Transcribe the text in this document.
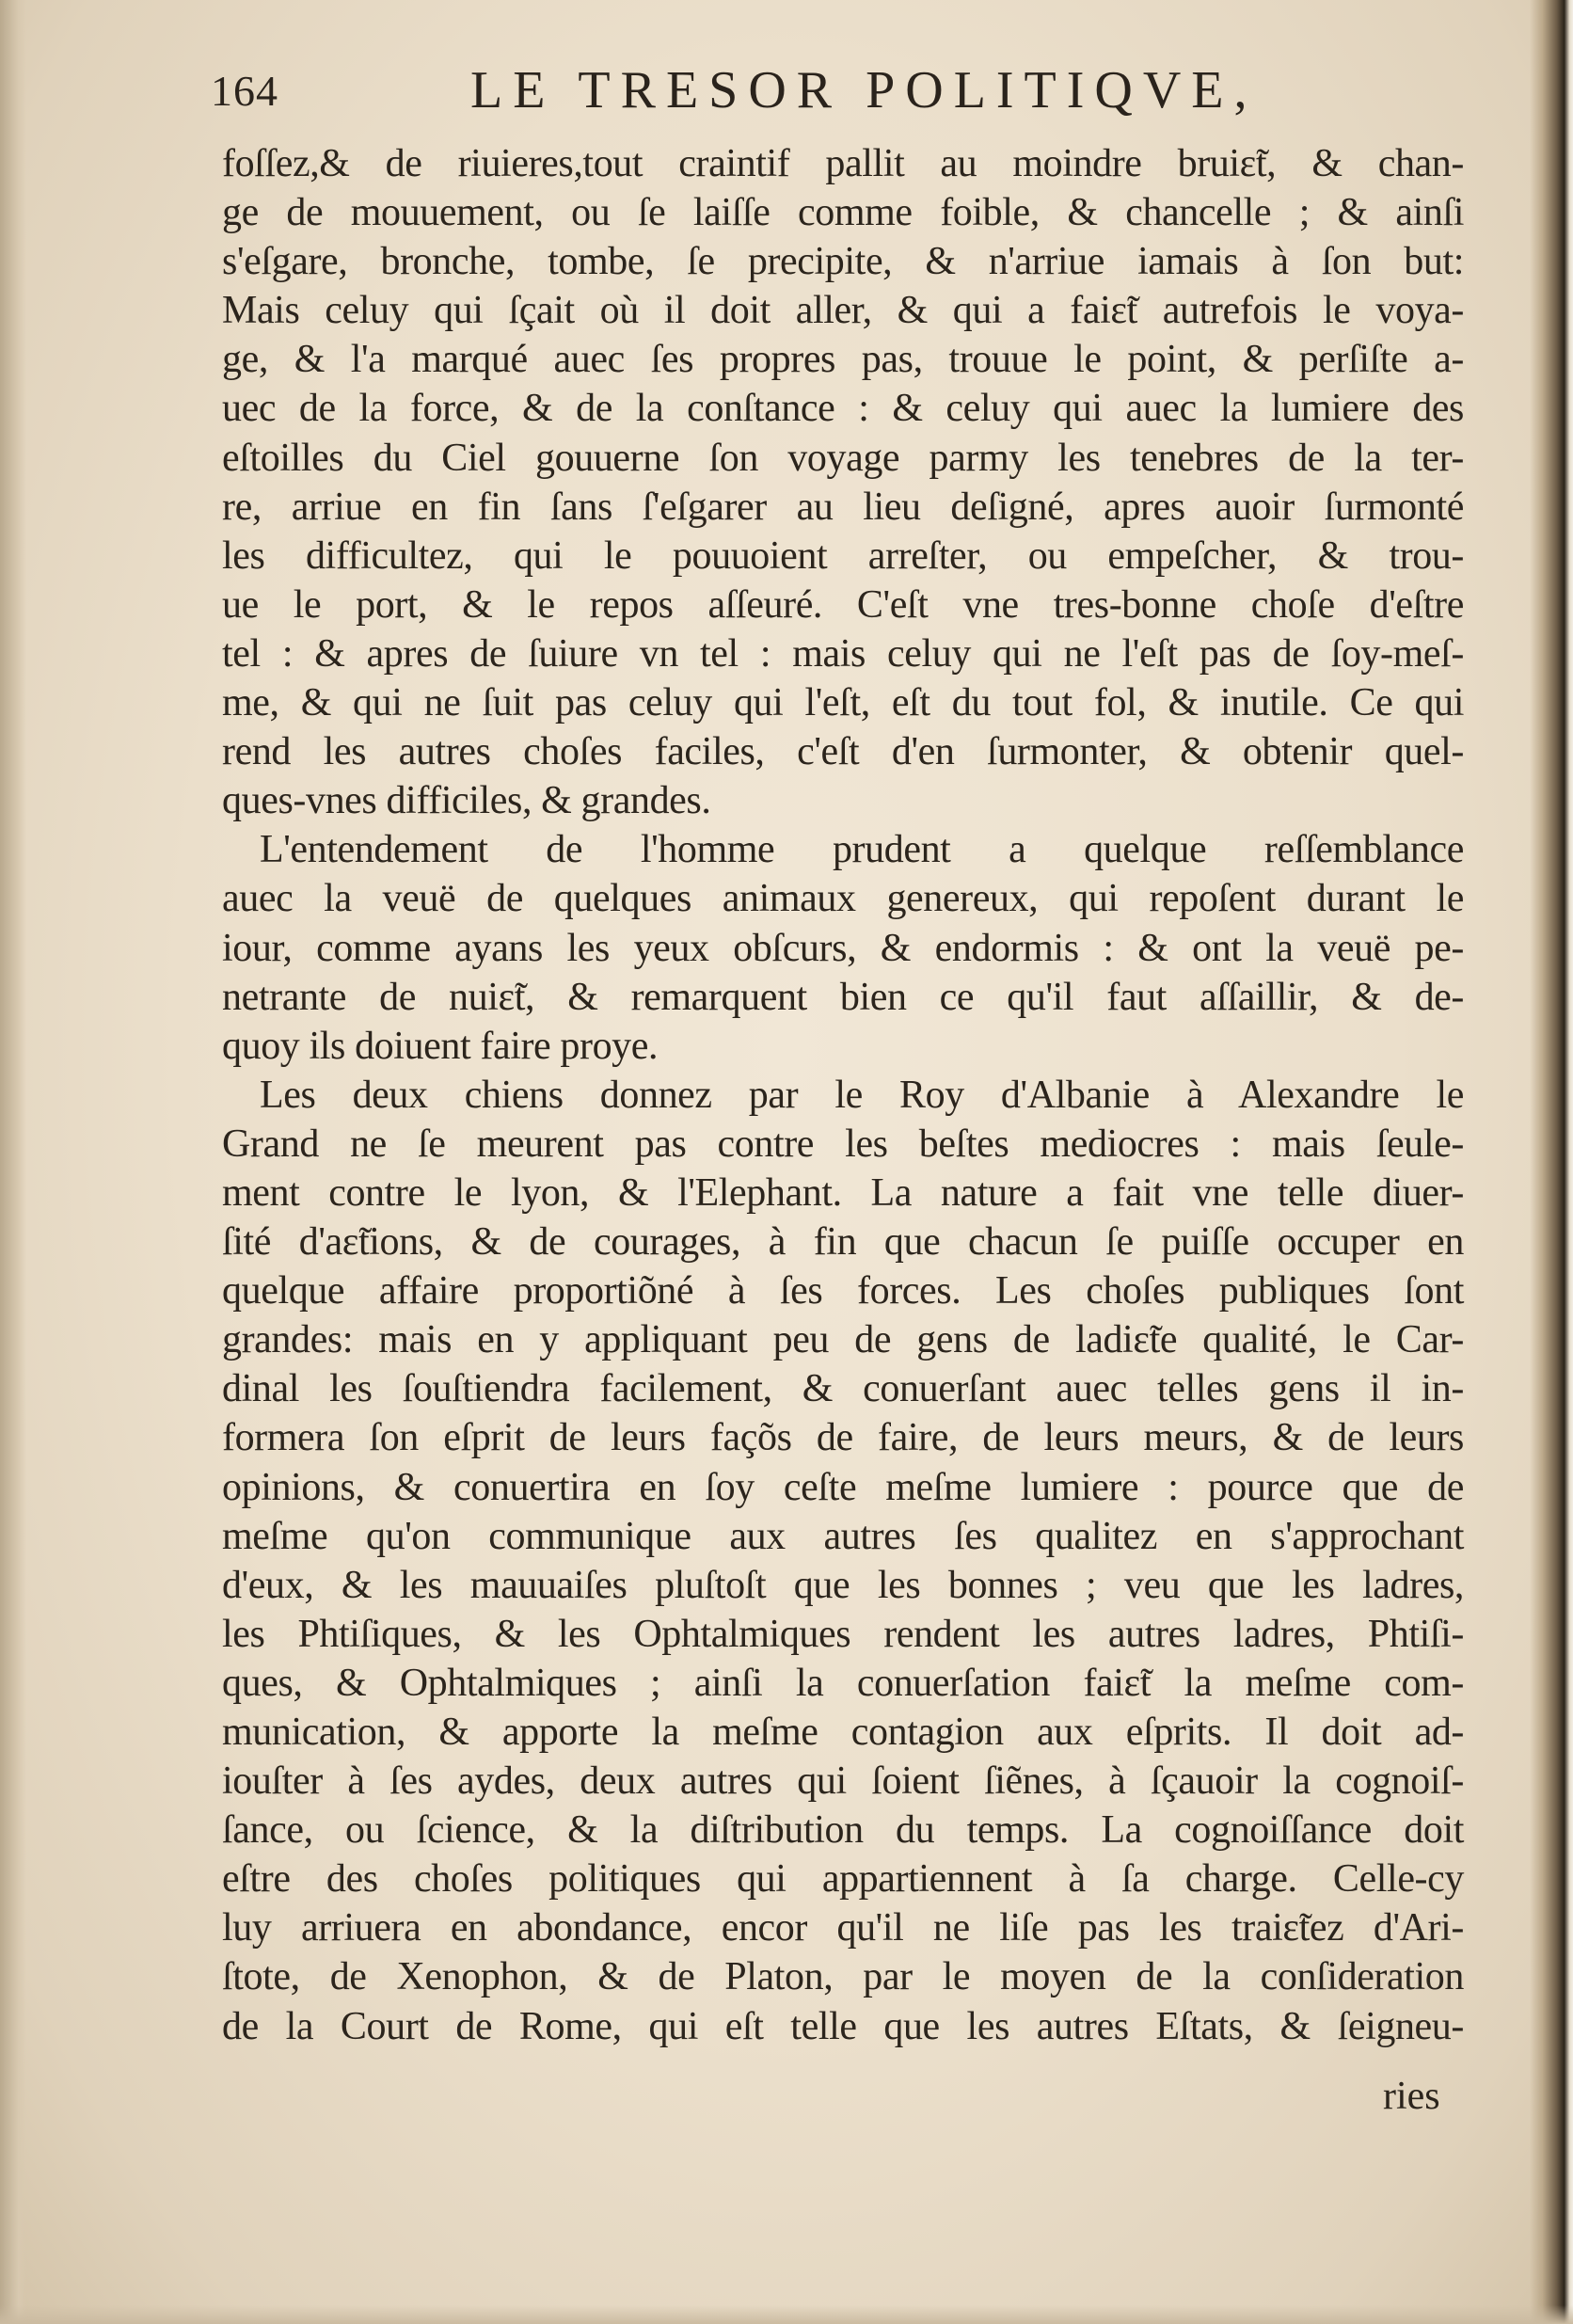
164	LE TRESOR POLITIQVE,
foſſez,& de riuieres,tout craintif pallit au moindre bruiɛ̃t, & chan-
ge de mouuement, ou ſe laiſſe comme foible, & chancelle ; & ainſi
s'eſgare, bronche, tombe, ſe precipite, & n'arriue iamais à ſon but:
Mais celuy qui ſçait où il doit aller, & qui a faiɛ̃t autrefois le voya-
ge, & l'a marqué auec ſes propres pas, trouue le point, & perſiſte a-
uec de la force, & de la conſtance : & celuy qui auec la lumiere des
eſtoilles du Ciel gouuerne ſon voyage parmy les tenebres de la ter-
re, arriue en fin ſans ſ'eſgarer au lieu deſigné, apres auoir ſurmonté
les difficultez, qui le pouuoient arreſter, ou empeſcher, & trou-
ue le port, & le repos aſſeuré. C'eſt vne tres-bonne choſe d'eſtre
tel : & apres de ſuiure vn tel : mais celuy qui ne l'eſt pas de ſoy-meſ-
me, & qui ne ſuit pas celuy qui l'eſt, eſt du tout fol, & inutile. Ce qui
rend les autres choſes faciles, c'eſt d'en ſurmonter, & obtenir quel-
ques-vnes difficiles, & grandes.
L'entendement de l'homme prudent a quelque reſſemblance
auec la veuë de quelques animaux genereux, qui repoſent durant le
iour, comme ayans les yeux obſcurs, & endormis : & ont la veuë pe-
netrante de nuiɛ̃t, & remarquent bien ce qu'il faut aſſaillir, & de-
quoy ils doiuent faire proye.
Les deux chiens donnez par le Roy d'Albanie à Alexandre le
Grand ne ſe meurent pas contre les beſtes mediocres : mais ſeule-
ment contre le lyon, & l'Elephant. La nature a fait vne telle diuer-
ſité d'aɛ̃tions, & de courages, à fin que chacun ſe puiſſe occuper en
quelque affaire proportiõné à ſes forces. Les choſes publiques ſont
grandes: mais en y appliquant peu de gens de ladiɛ̃te qualité, le Car-
dinal les ſouſtiendra facilement, & conuerſant auec telles gens il in-
formera ſon eſprit de leurs façõs de faire, de leurs meurs, & de leurs
opinions, & conuertira en ſoy ceſte meſme lumiere : pource que de
meſme qu'on communique aux autres ſes qualitez en s'approchant
d'eux, & les mauuaiſes pluſtoſt que les bonnes ; veu que les ladres,
les Phtiſiques, & les Ophtalmiques rendent les autres ladres, Phtiſi-
ques, & Ophtalmiques ; ainſi la conuerſation faiɛ̃t la meſme com-
munication, & apporte la meſme contagion aux eſprits. Il doit ad-
iouſter à ſes aydes, deux autres qui ſoient ſiẽnes, à ſçauoir la cognoiſ-
ſance, ou ſcience, & la diſtribution du temps. La cognoiſſance doit
eſtre des choſes politiques qui appartiennent à ſa charge. Celle-cy
luy arriuera en abondance, encor qu'il ne liſe pas les traiɛ̃tez d'Ari-
ſtote, de Xenophon, & de Platon, par le moyen de la conſideration
de la Court de Rome, qui eſt telle que les autres Eſtats, & ſeigneu-
ries
